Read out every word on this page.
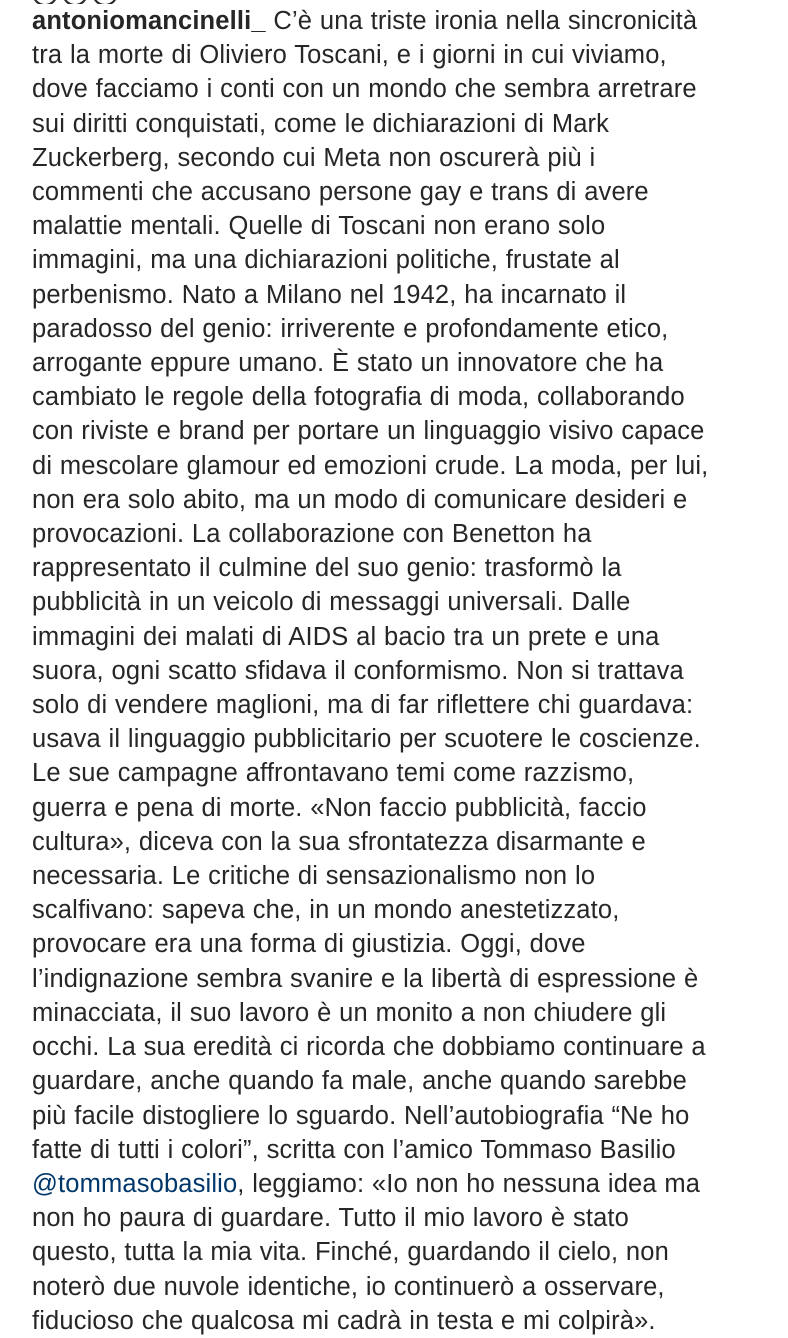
antoniomancinelli_ C’è una triste ironia nella sincronicità
tra la morte di Oliviero Toscani, e i giorni in cui viviamo,
dove facciamo i conti con un mondo che sembra arretrare
sui diritti conquistati, come le dichiarazioni di Mark
Zuckerberg, secondo cui Meta non oscurerà più i
commenti che accusano persone gay e trans di avere
malattie mentali. Quelle di Toscani non erano solo
immagini, ma una dichiarazioni politiche, frustate al
perbenismo. Nato a Milano nel 1942, ha incarnato il
paradosso del genio: irriverente e profondamente etico,
arrogante eppure umano. È stato un innovatore che ha
cambiato le regole della fotografia di moda, collaborando
con riviste e brand per portare un linguaggio visivo capace
di mescolare glamour ed emozioni crude. La moda, per lui,
non era solo abito, ma un modo di comunicare desideri e
provocazioni. La collaborazione con Benetton ha
rappresentato il culmine del suo genio: trasformò la
pubblicità in un veicolo di messaggi universali. Dalle
immagini dei malati di AIDS al bacio tra un prete e una
suora, ogni scatto sfidava il conformismo. Non si trattava
solo di vendere maglioni, ma di far riflettere chi guardava:
usava il linguaggio pubblicitario per scuotere le coscienze.
Le sue campagne affrontavano temi come razzismo,
guerra e pena di morte. «Non faccio pubblicità, faccio
cultura», diceva con la sua sfrontatezza disarmante e
necessaria. Le critiche di sensazionalismo non lo
scalfivano: sapeva che, in un mondo anestetizzato,
provocare era una forma di giustizia. Oggi, dove
l’indignazione sembra svanire e la libertà di espressione è
minacciata, il suo lavoro è un monito a non chiudere gli
occhi. La sua eredità ci ricorda che dobbiamo continuare a
guardare, anche quando fa male, anche quando sarebbe
più facile distogliere lo sguardo. Nell’autobiografia “Ne ho
fatte di tutti i colori”, scritta con l’amico Tommaso Basilio
@tommasobasilio, leggiamo: «Io non ho nessuna idea ma
non ho paura di guardare. Tutto il mio lavoro è stato
questo, tutta la mia vita. Finché, guardando il cielo, non
noterò due nuvole identiche, io continuerò a osservare,
fiducioso che qualcosa mi cadrà in testa e mi colpirà».
